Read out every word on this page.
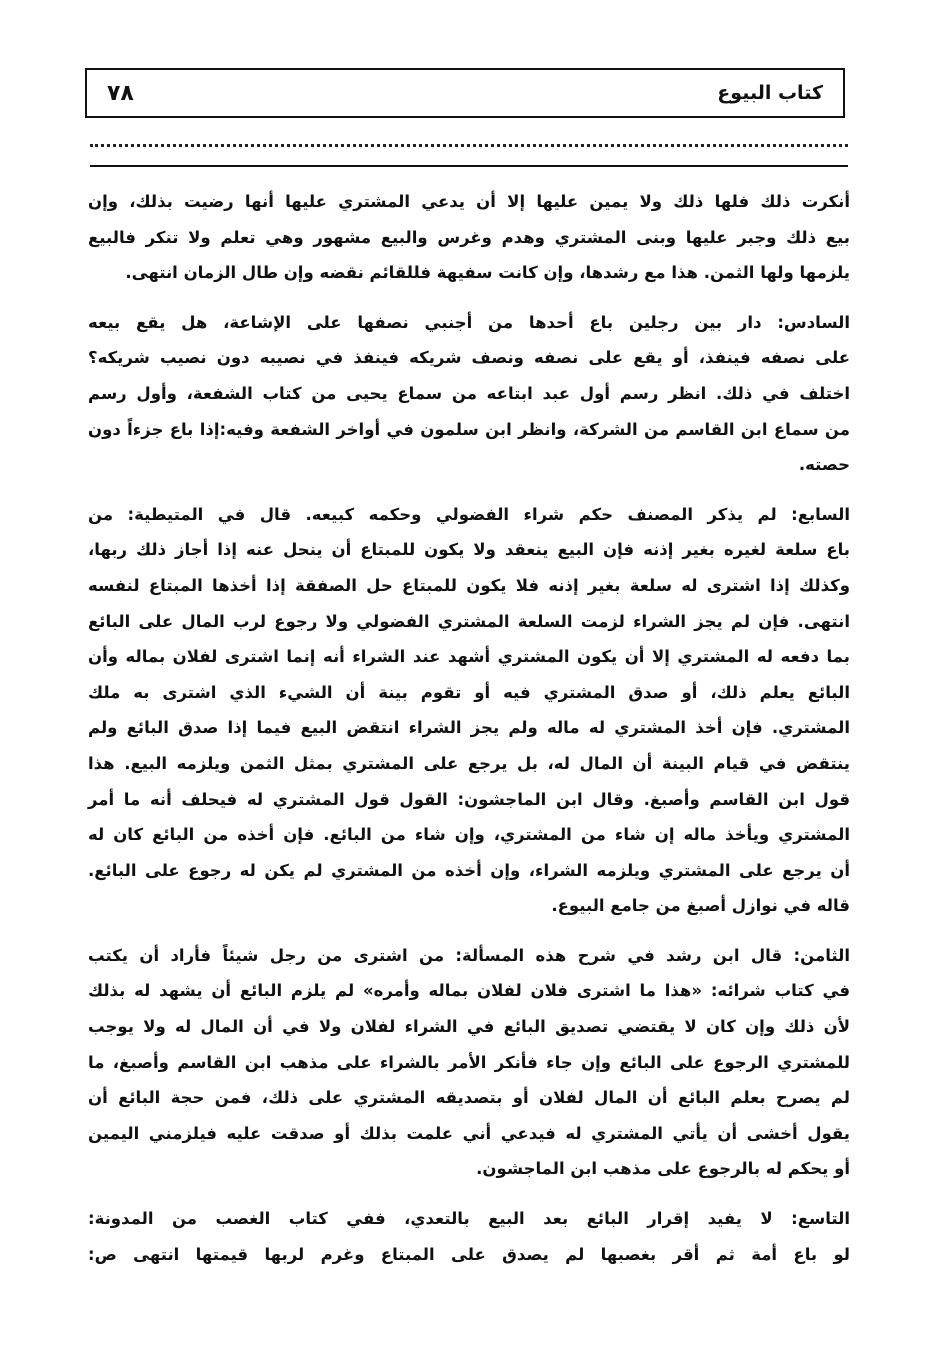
كتاب البيوع
٧٨
أنكرت ذلك فلها ذلك ولا يمين عليها إلا أن يدعي المشتري عليها أنها رضيت بذلك، وإن
بيع ذلك وجبر عليها وبنى المشتري وهدم وغرس والبيع مشهور وهي تعلم ولا تنكر فالبيع
يلزمها ولها الثمن. هذا مع رشدها، وإن كانت سفيهة فللقائم نقضه وإن طال الزمان انتهى.
السادس: دار بين رجلين باع أحدها من أجنبي نصفها على الإشاعة، هل يقع بيعه
على نصفه فينفذ، أو يقع على نصفه ونصف شريكه فينفذ في نصيبه دون نصيب شريكه؟
اختلف في ذلك. انظر رسم أول عبد ابتاعه من سماع يحيى من كتاب الشفعة، وأول رسم
من سماع ابن القاسم من الشركة، وانظر ابن سلمون في أواخر الشفعة وفيه:إذا باع جزءاً دون
حصته.
السابع: لم يذكر المصنف حكم شراء الفضولي وحكمه كبيعه. قال في المتيطية: من
باع سلعة لغيره بغير إذنه فإن البيع ينعقد ولا يكون للمبتاع أن ينحل عنه إذا أجاز ذلك ربها،
وكذلك إذا اشترى له سلعة بغير إذنه فلا يكون للمبتاع حل الصفقة إذا أخذها المبتاع لنفسه
انتهى. فإن لم يجز الشراء لزمت السلعة المشتري الفضولي ولا رجوع لرب المال على البائع
بما دفعه له المشتري إلا أن يكون المشتري أشهد عند الشراء أنه إنما اشترى لفلان بماله وأن
البائع يعلم ذلك، أو صدق المشتري فيه أو تقوم بينة أن الشيء الذي اشترى به ملك
المشتري. فإن أخذ المشتري له ماله ولم يجز الشراء انتقض البيع فيما إذا صدق البائع ولم
ينتقض في قيام البينة أن المال له، بل يرجع على المشتري بمثل الثمن ويلزمه البيع. هذا
قول ابن القاسم وأصبغ. وقال ابن الماجشون: القول قول المشتري له فيحلف أنه ما أمر
المشتري ويأخذ ماله إن شاء من المشتري، وإن شاء من البائع. فإن أخذه من البائع كان له
أن يرجع على المشتري ويلزمه الشراء، وإن أخذه من المشتري لم يكن له رجوع على البائع.
قاله في نوازل أصبغ من جامع البيوع.
الثامن: قال ابن رشد في شرح هذه المسألة: من اشترى من رجل شيئاً فأراد أن يكتب
في كتاب شرائه: «هذا ما اشترى فلان لفلان بماله وأمره» لم يلزم البائع أن يشهد له بذلك
لأن ذلك وإن كان لا يقتضي تصديق البائع في الشراء لفلان ولا في أن المال له ولا يوجب
للمشتري الرجوع على البائع وإن جاء فأنكر الأمر بالشراء على مذهب ابن القاسم وأصبغ، ما
لم يصرح بعلم البائع أن المال لفلان أو بتصديقه المشتري على ذلك، فمن حجة البائع أن
يقول أخشى أن يأتي المشتري له فيدعي أني علمت بذلك أو صدقت عليه فيلزمني اليمين
أو يحكم له بالرجوع على مذهب ابن الماجشون.
التاسع: لا يفيد إقرار البائع بعد البيع بالتعدي، ففي كتاب الغصب من المدونة:
لو باع أمة ثم أقر بغصبها لم يصدق على المبتاع وغرم لربها قيمتها انتهى ص:
